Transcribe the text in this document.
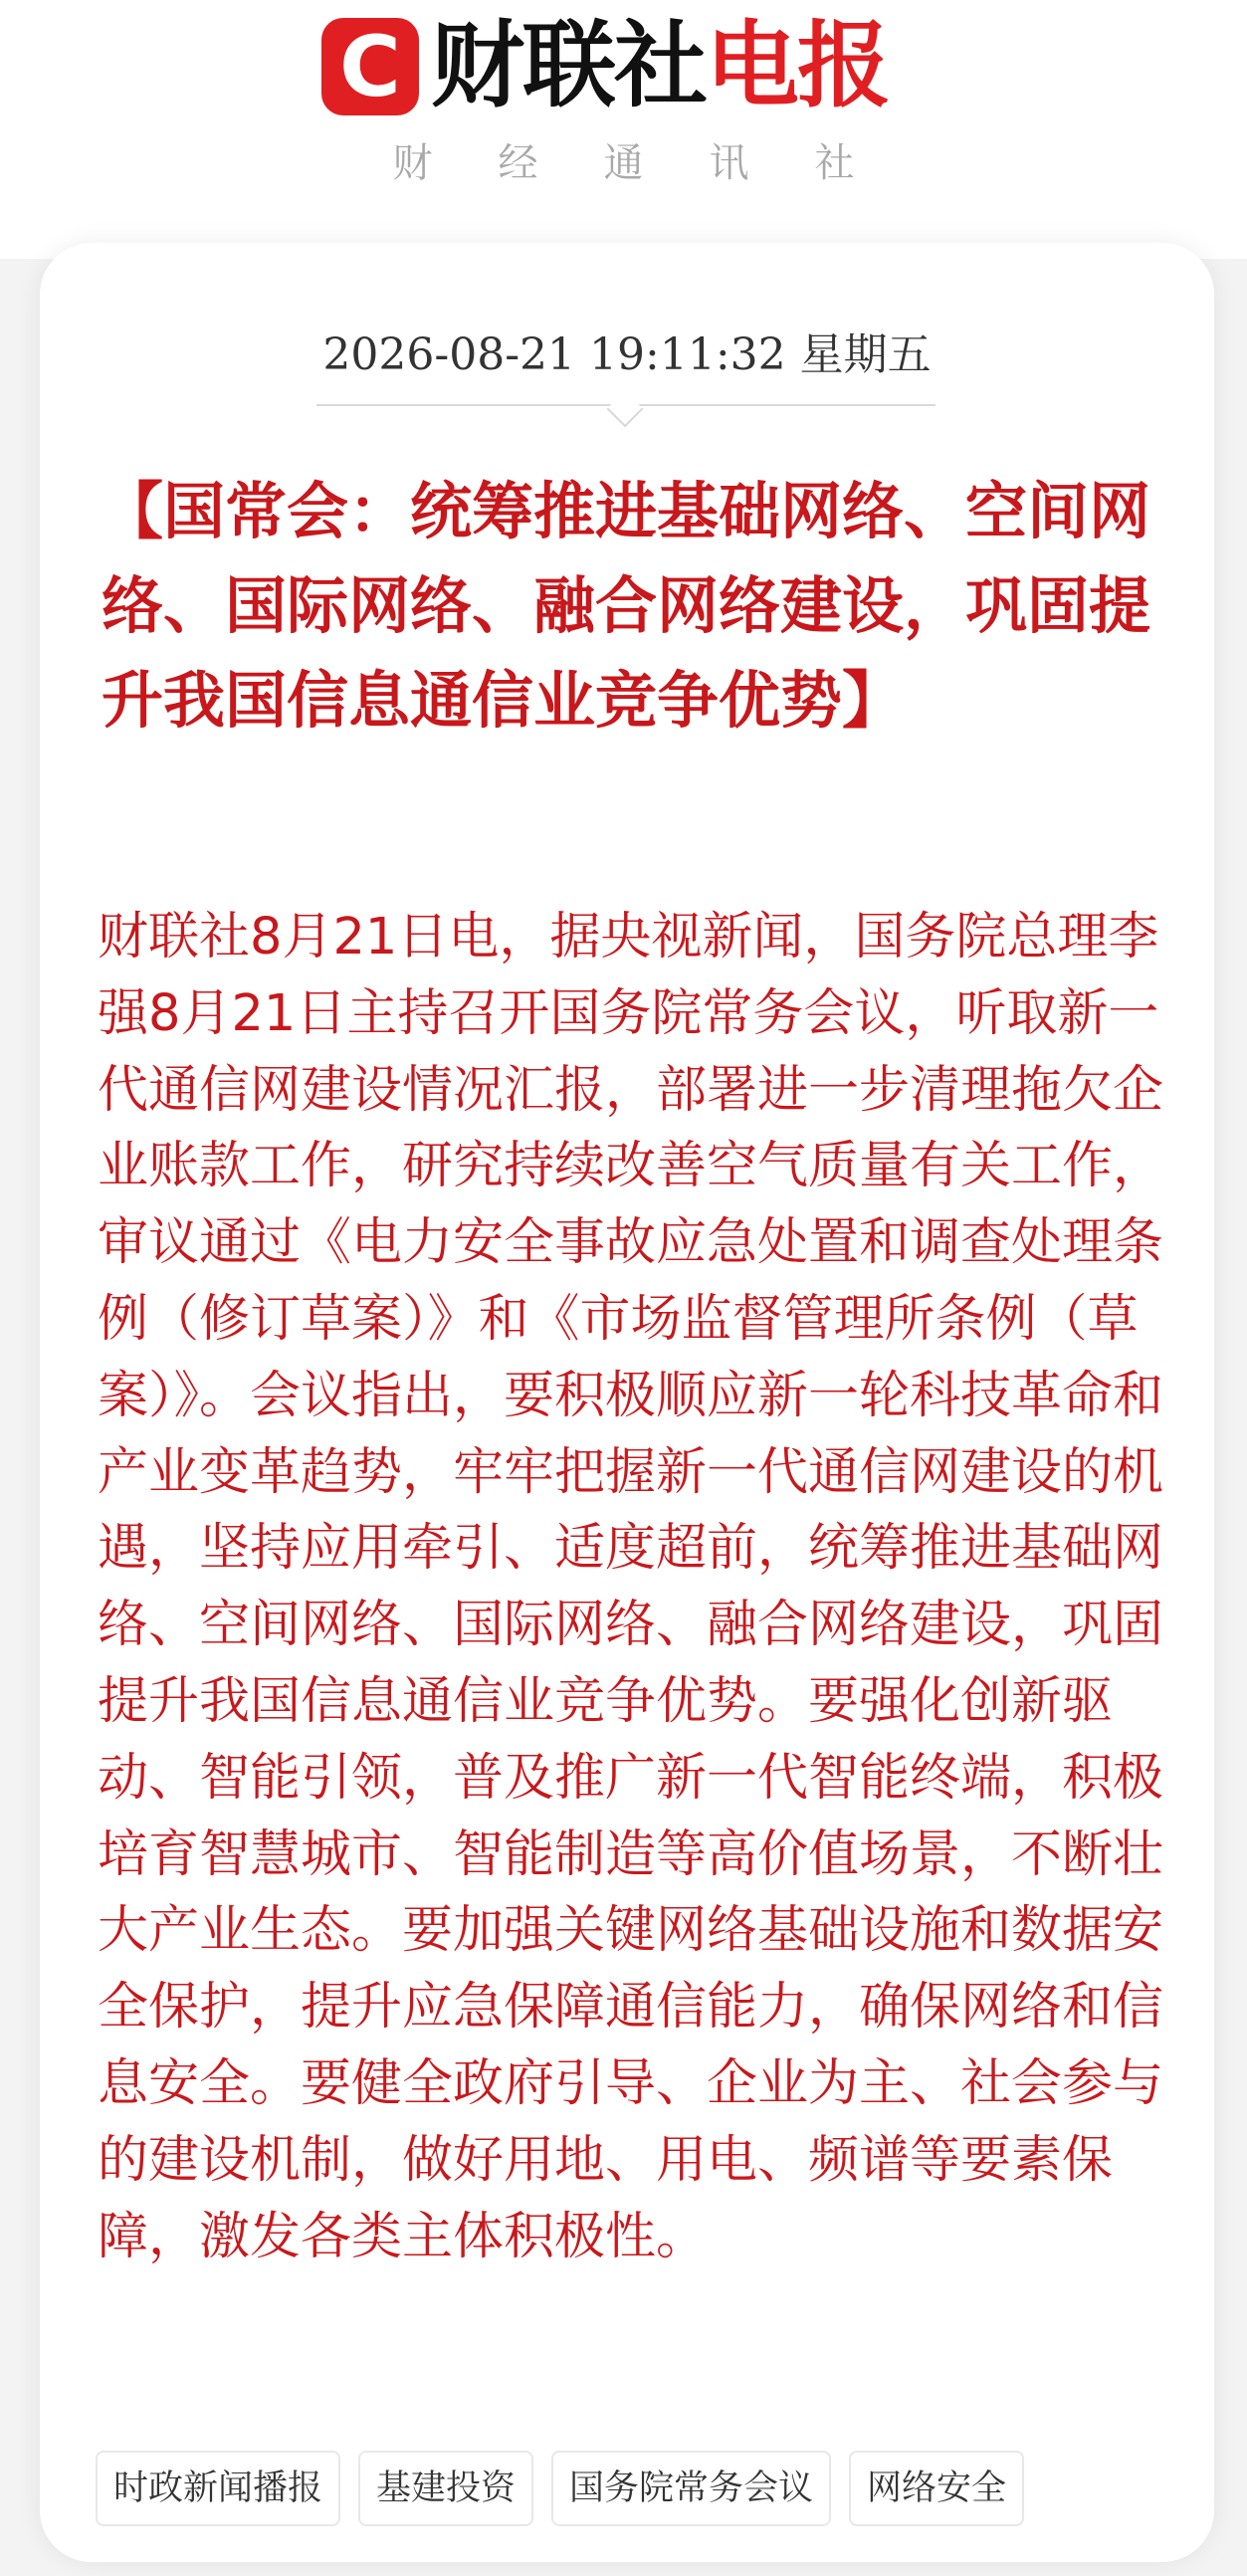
C 财联社 电报
财经通讯社
2026-08-21 19:11:32 星期五
【国常会：统筹推进基础网络、空间网络、国际网络、融合网络建设，巩固提升我国信息通信业竞争优势】
财联社8月21日电，据央视新闻，国务院总理李强8月21日主持召开国务院常务会议，听取新一代通信网建设情况汇报，部署进一步清理拖欠企业账款工作，研究持续改善空气质量有关工作，审议通过《电力安全事故应急处置和调查处理条例（修订草案）》和《市场监督管理所条例（草案）》。会议指出，要积极顺应新一轮科技革命和产业变革趋势，牢牢把握新一代通信网建设的机遇，坚持应用牵引、适度超前，统筹推进基础网络、空间网络、国际网络、融合网络建设，巩固提升我国信息通信业竞争优势。要强化创新驱动、智能引领，普及推广新一代智能终端，积极培育智慧城市、智能制造等高价值场景，不断壮大产业生态。要加强关键网络基础设施和数据安全保护，提升应急保障通信能力，确保网络和信息安全。要健全政府引导、企业为主、社会参与的建设机制，做好用地、用电、频谱等要素保障，激发各类主体积极性。
时政新闻播报	基建投资	国务院常务会议	网络安全
